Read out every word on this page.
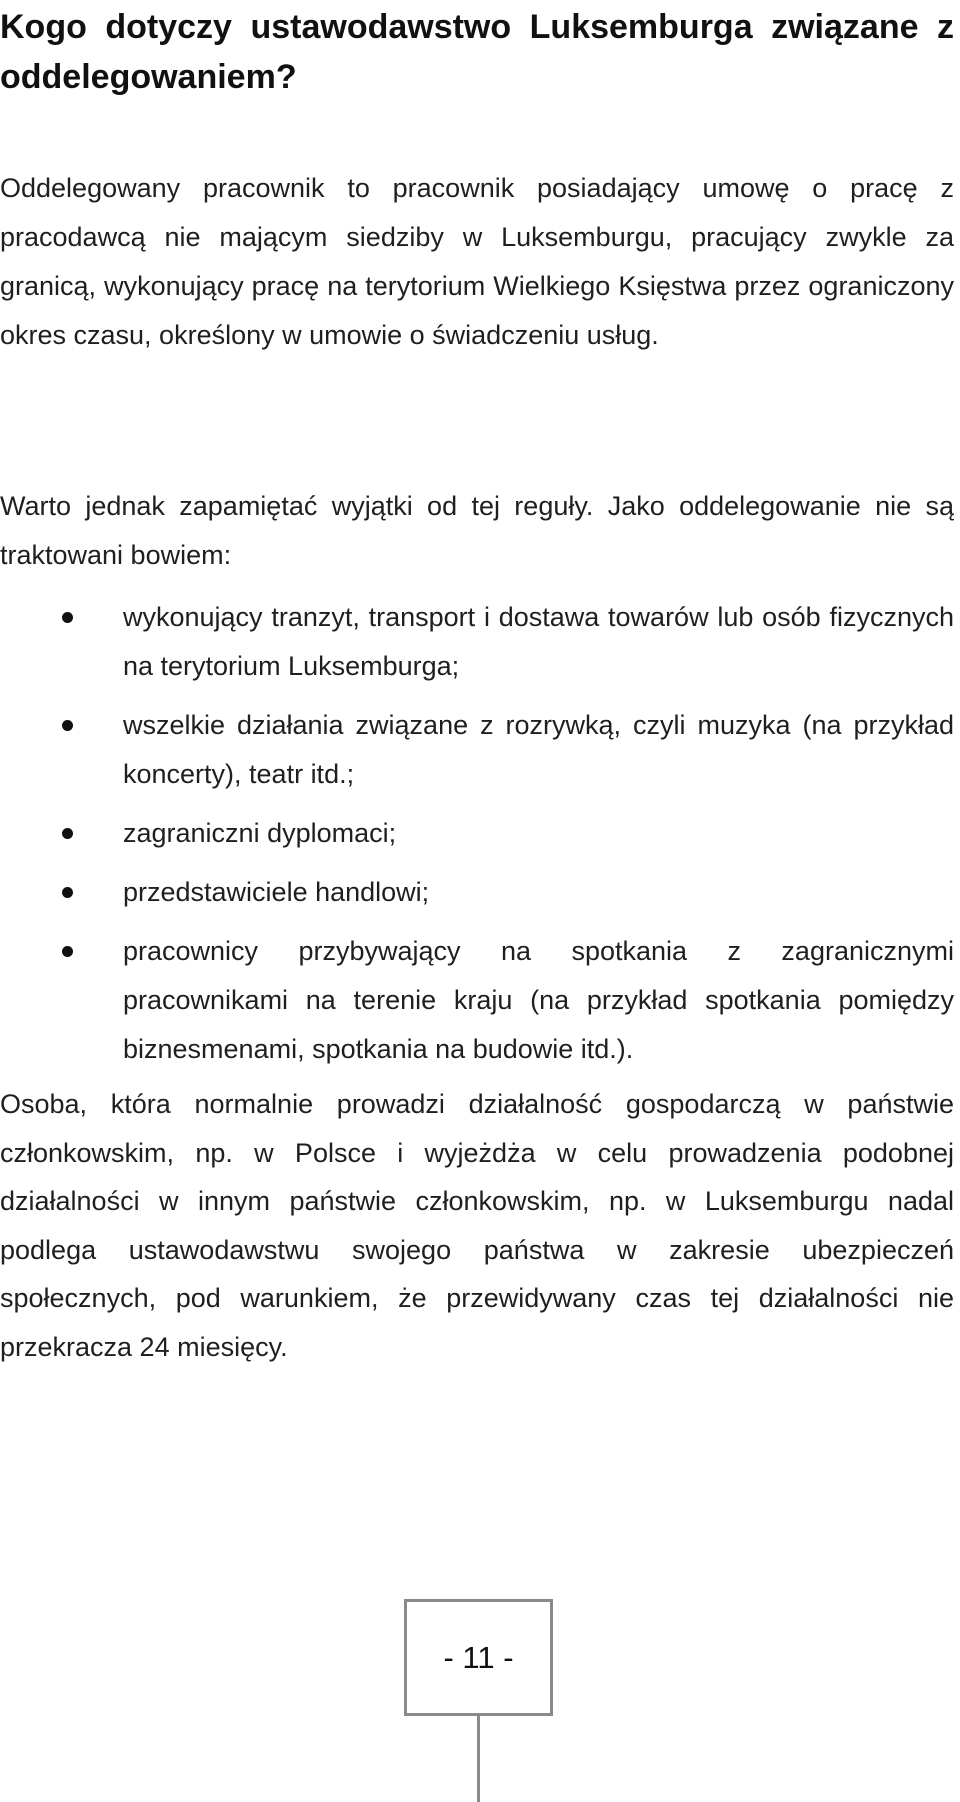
Kogo dotyczy ustawodawstwo Luksemburga związane z oddelegowaniem?

Oddelegowany pracownik to pracownik posiadający umowę o pracę z pracodawcą nie mającym siedziby w Luksemburgu, pracujący zwykle za granicą, wykonujący pracę na terytorium Wielkiego Księstwa przez ograniczony okres czasu, określony w umowie o świadczeniu usług.

Warto jednak zapamiętać wyjątki od tej reguły. Jako oddelegowanie nie są traktowani bowiem:

wykonujący tranzyt, transport i dostawa towarów lub osób fizycznych na terytorium Luksemburga;
wszelkie działania związane z rozrywką, czyli muzyka (na przykład koncerty), teatr itd.;
zagraniczni dyplomaci;
przedstawiciele handlowi;
pracownicy przybywający na spotkania z zagranicznymi pracownikami na terenie kraju (na przykład spotkania pomiędzy biznesmenami, spotkania na budowie itd.).

Osoba, która normalnie prowadzi działalność gospodarczą w państwie członkowskim, np. w Polsce i wyjeżdża w celu prowadzenia podobnej działalności w innym państwie członkowskim, np. w Luksemburgu nadal podlega ustawodawstwu swojego państwa w zakresie ubezpieczeń społecznych, pod warunkiem, że przewidywany czas tej działalności nie przekracza 24 miesięcy.

- 11 -
